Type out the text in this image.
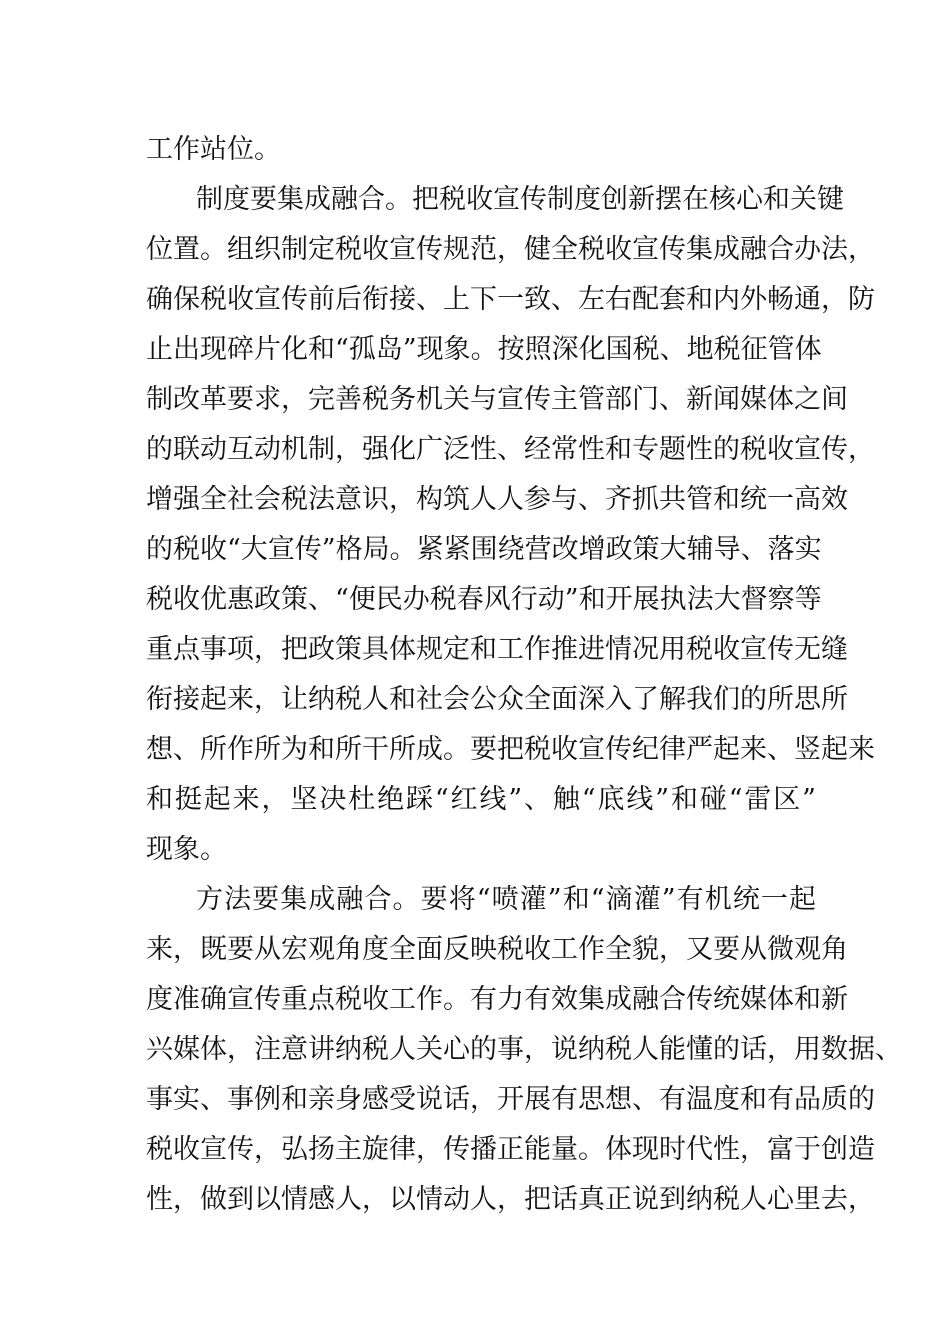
工作站位。
制度要集成融合。把税收宣传制度创新摆在核心和关键
位置。组织制定税收宣传规范，健全税收宣传集成融合办法，
确保税收宣传前后衔接、上下一致、左右配套和内外畅通，防
止出现碎片化和“孤岛”现象。按照深化国税、地税征管体
制改革要求，完善税务机关与宣传主管部门、新闻媒体之间
的联动互动机制，强化广泛性、经常性和专题性的税收宣传，
增强全社会税法意识，构筑人人参与、齐抓共管和统一高效
的税收“大宣传”格局。紧紧围绕营改增政策大辅导、落实
税收优惠政策、“便民办税春风行动”和开展执法大督察等
重点事项，把政策具体规定和工作推进情况用税收宣传无缝
衔接起来，让纳税人和社会公众全面深入了解我们的所思所
想、所作所为和所干所成。要把税收宣传纪律严起来、竖起来
和挺起来，坚决杜绝踩“红线”、触“底线”和碰“雷区”
现象。
方法要集成融合。要将“喷灌”和“滴灌”有机统一起
来，既要从宏观角度全面反映税收工作全貌，又要从微观角
度准确宣传重点税收工作。有力有效集成融合传统媒体和新
兴媒体，注意讲纳税人关心的事，说纳税人能懂的话，用数据、
事实、事例和亲身感受说话，开展有思想、有温度和有品质的
税收宣传，弘扬主旋律，传播正能量。体现时代性，富于创造
性，做到以情感人，以情动人，把话真正说到纳税人心里去，
